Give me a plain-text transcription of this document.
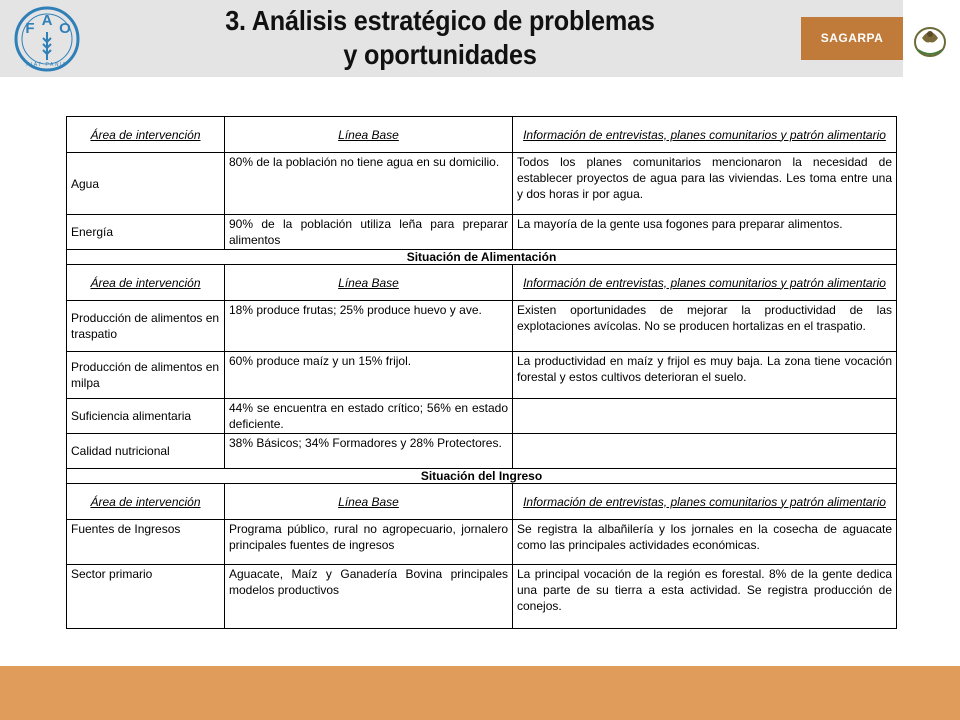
F A O
FIAT PANIS
3. Análisis estratégico de problemas
y oportunidades
SAGARPA
Área de intervención	Línea Base	Información de entrevistas, planes comunitarios y patrón alimentario
Agua	80% de la población no tiene agua en su domicilio.	Todos los planes comunitarios mencionaron la necesidad de establecer proyectos de agua para las viviendas. Les toma entre una y dos horas ir por agua.
Energía	90% de la población utiliza leña para preparar alimentos	La mayoría de la gente usa fogones para preparar alimentos.
Situación de Alimentación		
Área de intervención	Línea Base	Información de entrevistas, planes comunitarios y patrón alimentario
Producción de alimentos en traspatio	18% produce frutas; 25% produce huevo y ave.	Existen oportunidades de mejorar la productividad de las explotaciones avícolas. No se producen hortalizas en el traspatio.
Producción de alimentos en milpa	60% produce maíz y un 15% frijol.	La productividad en maíz y frijol es muy baja. La zona tiene vocación forestal y estos cultivos deterioran el suelo.
Suficiencia alimentaria	44% se encuentra en estado crítico; 56% en estado deficiente.	
Calidad nutricional	38% Básicos; 34% Formadores y 28% Protectores.	
Situación del Ingreso		
Área de intervención	Línea Base	Información de entrevistas, planes comunitarios y patrón alimentario
Fuentes de Ingresos	Programa público, rural no agropecuario, jornalero principales fuentes de ingresos	Se registra la albañilería y los jornales en la cosecha de aguacate como las principales actividades económicas.
Sector primario	Aguacate, Maíz y Ganadería Bovina principales modelos productivos	La principal vocación de la región es forestal. 8% de la gente dedica una parte de su tierra a esta actividad. Se registra producción de conejos.
